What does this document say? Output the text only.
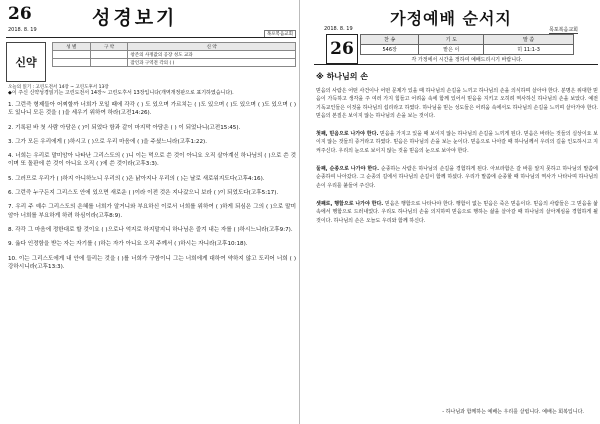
26	성경보기
2018. 8. 19
목포복음교회
신약
성 별	구 약	신 약
		창존의 사정값의 공장 성도 교과
		잠언과 구역전 각의 ( )
오늘의 읽기 : 고린도전서 14장 ~ 고린도후서 13장
◆이 주신 신약성경읽기는 고린도전서 14장~ 고린도후서 13장입니다(개역개정판으로 표기하였습니다).
1. 그런즉 형제들아 어찌할까 너희가 모일 때에 각각 ( ) 도 있으며 가르치는 ( )도 있으며 ( )도 있으며 ( )도 있으며 ( )도 있나니 모든 것을 ( )을 세우기 위하여 하라(고전14:26).
2. 기록된 바 첫 사람 아담은 ( )이 되었다 함과 같이 마지막 아담은 ( ) 이 되었나니(고전15:45).
3. 그가 모든 우리에게 ( )하시고 ( )으로 우리 마음에 ( )을 주셨느니라(고후1:22).
4. 너희는 우리로 말미암아 나타난 그리스도의 ( )니 이는 먹으로 쓴 것이 아니요 오직 살아계신 하나님의 ( )으로 쓴 것이며 또 돌판에 쓴 것이 아니요 오직 ( )에 쓴 것이라(고후3:3).
5. 그러므로 우리가 ( )하지 아니하노니 우리의 ( )은 낡아지나 우리의 ( )는 날로 새로워지도다(고후4:16).
6. 그런즉 누구든지 그리스도 안에 있으면 새로운 ( )이라 이전 것은 지나갔으니 보라 ( )이 되었도다(고후5:17).
7. 우리 주 예수 그리스도의 은혜를 너희가 알거니와 부요하신 이로서 너희를 위하여 ( )하게 되심은 그의 ( )으로 말미암아 너희를 부요하게 하려 하심이라(고후8:9).
8. 각각 그 마음에 정한대로 할 것이요 ( )으로나 억지로 하지말지니 하나님은 즐겨 내는 자를 ( )하시느니라(고후9:7).
9. 옳다 인정함을 받는 자는 자기를 ( )하는 자가 아니요 오직 주께서 ( )하시는 자니라(고후10:18).
10. 이는 그리스도에게 내 안에 들리는 것을 ( )를 너희가 구함이니 그는 너희에게 대하여 약하지 않고 도리어 너희 ( ) 강하시니라(고후13:3).
가정예배 순서지
2018. 8. 19	목포복음교회
26	찬 송	기 도	말 씀
546장	맡은 이	히 11:1-3
각 가정에서 시간을 정하여 예배드리시기 바랍니다.
※ 하나님의 손

믿음의 사람은 어떤 사건이나 어떤 문제가 있을 때 하나님의 손길을 느끼고 하나님의 손을 의식하며 살아야 한다. 분명은 위대한 믿음이 가득하고 생각을 주 여러 가지 힘들고 어려움 속에 함께 있어서 믿음을 지키고 오히려 역사하신 하나님의 손을 보았다. 예전 기독교인들은 이것을 하나님의 섭리라고 하였다. 하나님을 믿는 성도들은 어려움 속에서도 하나님의 손길을 느끼며 살아가야 한다. 믿음의 본질은 보이지 않는 하나님의 손을 보는 것이다.

첫째, 믿음으로 나가야 한다. 믿음을 가지고 있을 때 보이지 않는 하나님의 손길을 느끼게 된다. 믿음은 바라는 것들의 실상이요 보이지 않는 것들의 증거라고 하였다. 믿음은 하나님의 손을 보는 눈이다. 믿음으로 나아갈 때 하나님께서 우리의 길을 인도하시고 지켜주신다. 우리의 눈으로 보이지 않는 것을 믿음의 눈으로 보아야 한다.

둘째, 순종으로 나가야 한다. 순종하는 사람은 하나님의 손길을 경험하게 된다. 아브라함은 갈 바를 알지 못하고 하나님의 말씀에 순종하여 나아갔다. 그 순종의 길에서 하나님의 손길이 함께 하셨다. 우리가 말씀에 순종할 때 하나님의 역사가 나타나며 하나님의 손이 우리를 붙들어 주신다.

셋째로, 행함으로 나가야 한다. 믿음은 행함으로 나타나야 한다. 행함이 없는 믿음은 죽은 믿음이다. 믿음의 사람들은 그 믿음을 삶 속에서 행함으로 드러내었다. 우리도 하나님의 손을 의지하며 믿음으로 행하는 삶을 살아갈 때 하나님의 살아계심을 경험하게 될 것이다. 하나님의 손은 오늘도 우리와 함께 하신다.

- 하나님과 함께하는 예배는 우리를 살립니다. 예배는 회복입니다.
